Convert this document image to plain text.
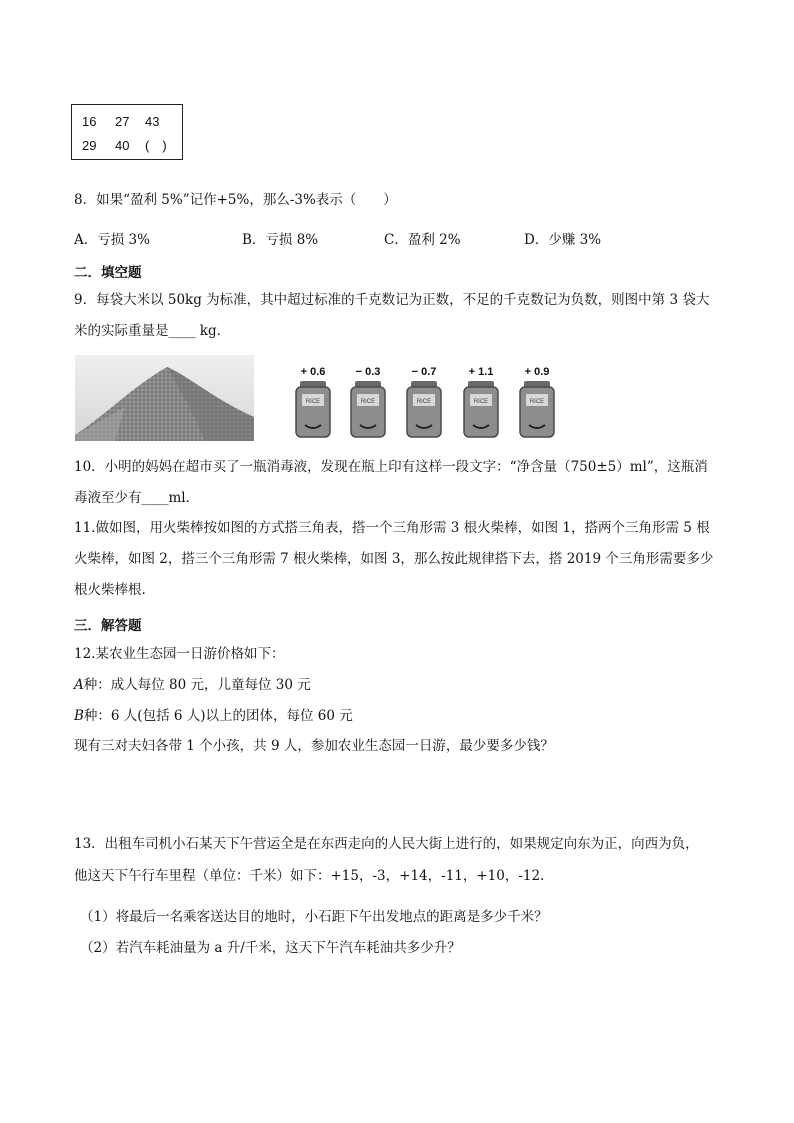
16 27 43
29 40 (　)
8．如果“盈利 5%”记作+5%，那么-3%表示（　　）
A．亏损 3%	B．亏损 8%	C．盈利 2%	D．少赚 3%
二．填空题
9．每袋大米以 50kg 为标准，其中超过标准的千克数记为正数，不足的千克数记为负数，则图中第 3 袋大
米的实际重量是____ kg．
+ 0.6
RICE
− 0.3
RICE
− 0.7
RICE
+ 1.1
RICE
+ 0.9
RICE
10．小明的妈妈在超市买了一瓶消毒液，发现在瓶上印有这样一段文字：“净含量（750±5）ml”，这瓶消
毒液至少有____ml．
11.做如图，用火柴棒按如图的方式搭三角表，搭一个三角形需 3 根火柴棒，如图 1，搭两个三角形需 5 根
火柴棒，如图 2，搭三个三角形需 7 根火柴棒，如图 3，那么按此规律搭下去，搭 2019 个三角形需要多少
根火柴棒根.
三．解答题
12.某农业生态园一日游价格如下：
A种：成人每位 80 元，儿童每位 30 元
B种：6 人(包括 6 人)以上的团体，每位 60 元
现有三对夫妇各带 1 个小孩，共 9 人，参加农业生态园一日游，最少要多少钱？
13．出租车司机小石某天下午营运全是在东西走向的人民大街上进行的，如果规定向东为正，向西为负，
他这天下午行车里程（单位：千米）如下：+15，-3，+14，-11，+10，-12．
（1）将最后一名乘客送达目的地时，小石距下午出发地点的距离是多少千米？
（2）若汽车耗油量为 a 升/千米，这天下午汽车耗油共多少升？
